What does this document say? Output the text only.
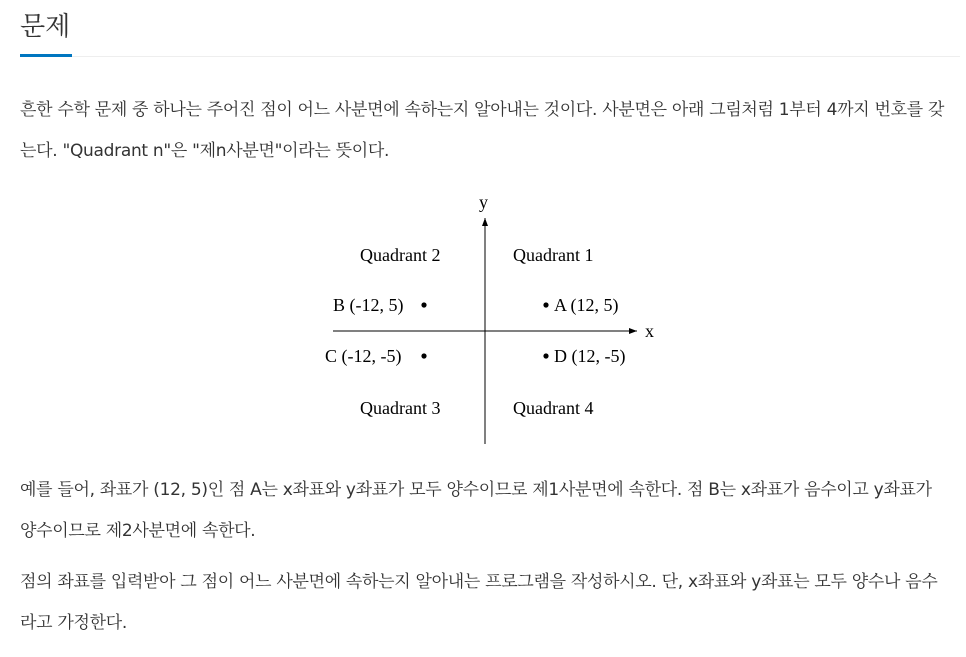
문제

흔한 수학 문제 중 하나는 주어진 점이 어느 사분면에 속하는지 알아내는 것이다. 사분면은 아래 그림처럼 1부터 4까지 번호를 갖는다. "Quadrant n"은 "제n사분면"이라는 뜻이다.

y
x
Quadrant 2	Quadrant 1
Quadrant 3	Quadrant 4
B (-12, 5)	A (12, 5)
C (-12, -5)	D (12, -5)

예를 들어, 좌표가 (12, 5)인 점 A는 x좌표와 y좌표가 모두 양수이므로 제1사분면에 속한다. 점 B는 x좌표가 음수이고 y좌표가 양수이므로 제2사분면에 속한다.

점의 좌표를 입력받아 그 점이 어느 사분면에 속하는지 알아내는 프로그램을 작성하시오. 단, x좌표와 y좌표는 모두 양수나 음수라고 가정한다.
